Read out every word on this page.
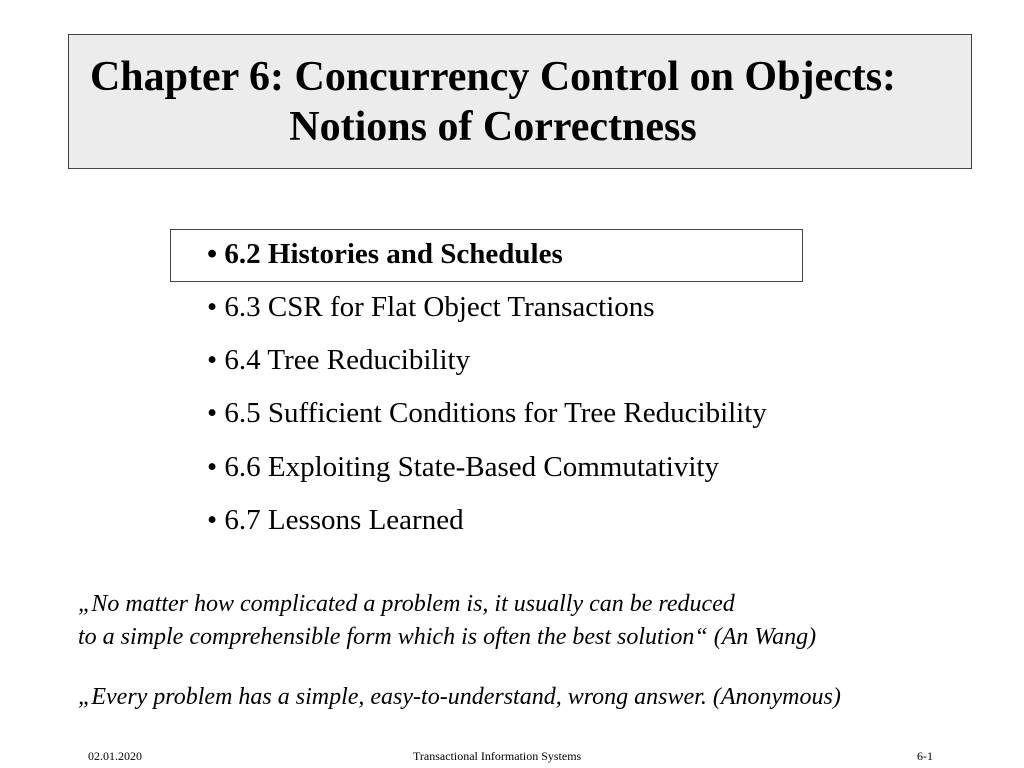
Chapter 6: Concurrency Control on Objects:
Notions of Correctness
• 6.2 Histories and Schedules
• 6.3 CSR for Flat Object Transactions
• 6.4 Tree Reducibility
• 6.5 Sufficient Conditions for Tree Reducibility
• 6.6 Exploiting State-Based Commutativity
• 6.7 Lessons Learned
„No matter how complicated a problem is, it usually can be reduced
to a simple comprehensible form which is often the best solution“ (An Wang)
„Every problem has a simple, easy-to-understand, wrong answer. (Anonymous)
02.01.2020	Transactional Information Systems	6-1
